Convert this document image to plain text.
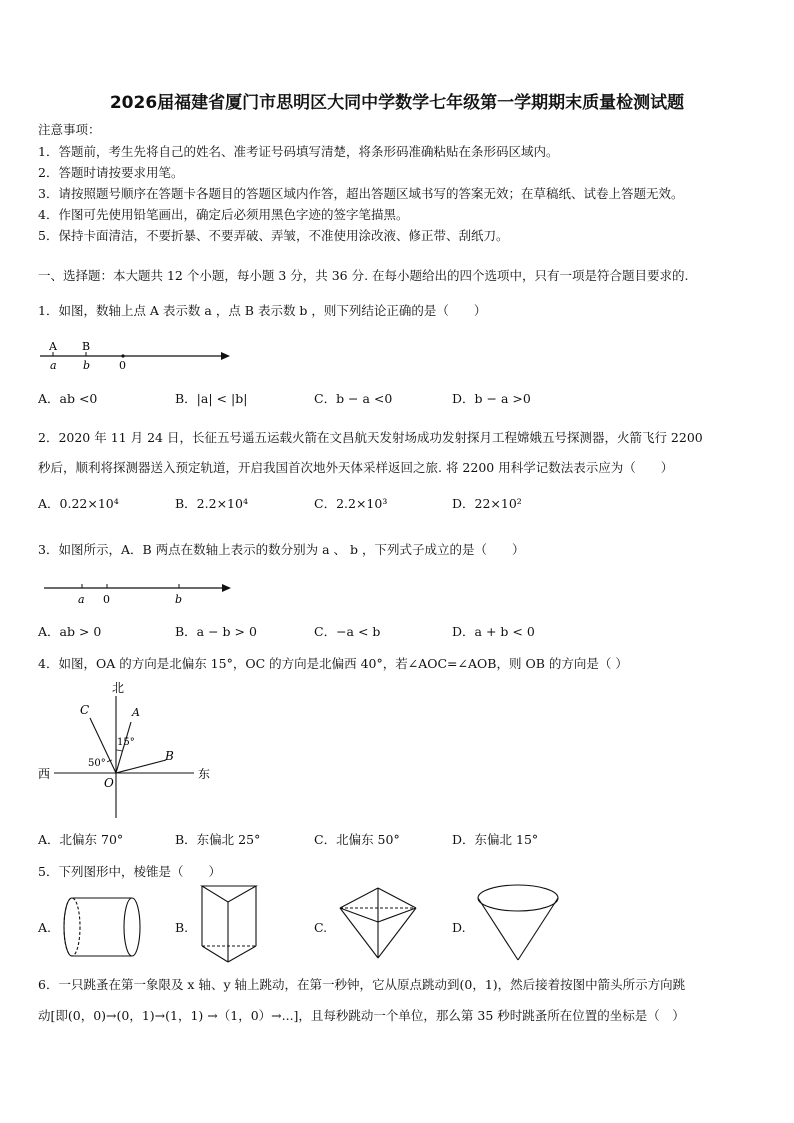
2026届福建省厦门市思明区大同中学数学七年级第一学期期末质量检测试题
注意事项：
1．答题前，考生先将自己的姓名、准考证号码填写清楚，将条形码准确粘贴在条形码区域内。
2．答题时请按要求用笔。
3．请按照题号顺序在答题卡各题目的答题区域内作答，超出答题区域书写的答案无效；在草稿纸、试卷上答题无效。
4．作图可先使用铅笔画出，确定后必须用黑色字迹的签字笔描黑。
5．保持卡面清洁，不要折暴、不要弄破、弄皱，不准使用涂改液、修正带、刮纸刀。
一、选择题：本大题共 12 个小题，每小题 3 分，共 36 分. 在每小题给出的四个选项中，只有一项是符合题目要求的.
1．如图，数轴上点 A 表示数 a ，点 B 表示数 b ，则下列结论正确的是（　　）
A
a
B
b	0
A．ab <0	B．|a| < |b|	C．b − a <0	D．b − a >0
2．2020 年 11 月 24 日，长征五号遥五运载火箭在文昌航天发射场成功发射探月工程嫦娥五号探测器，火箭飞行 2200
秒后，顺利将探测器送入预定轨道，开启我国首次地外天体采样返回之旅. 将 2200 用科学记数法表示应为（　　）
A．0.22×10⁴	B．2.2×10⁴	C．2.2×10³	D．22×10²
3．如图所示，A．B 两点在数轴上表示的数分别为 a 、 b ，下列式子成立的是（　　）
a 0	b
A．ab > 0	B．a − b > 0	C．−a < b	D．a + b < 0
4．如图，OA 的方向是北偏东 15°，OC 的方向是北偏西 40°，若∠AOC=∠AOB，则 OB 的方向是（ ）
北
西	东
C	A
B
O
15°
50°
A．北偏东 70°	B．东偏北 25°	C．北偏东 50°	D．东偏北 15°
5．下列图形中，棱锥是（　　）
A.	B.	C.	D.
6．一只跳蚤在第一象限及 x 轴、y 轴上跳动，在第一秒钟，它从原点跳动到(0，1)，然后接着按图中箭头所示方向跳
动[即(0，0)→(0，1)→(1，1) →（1，0）→...]，且每秒跳动一个单位，那么第 35 秒时跳蚤所在位置的坐标是（　）
